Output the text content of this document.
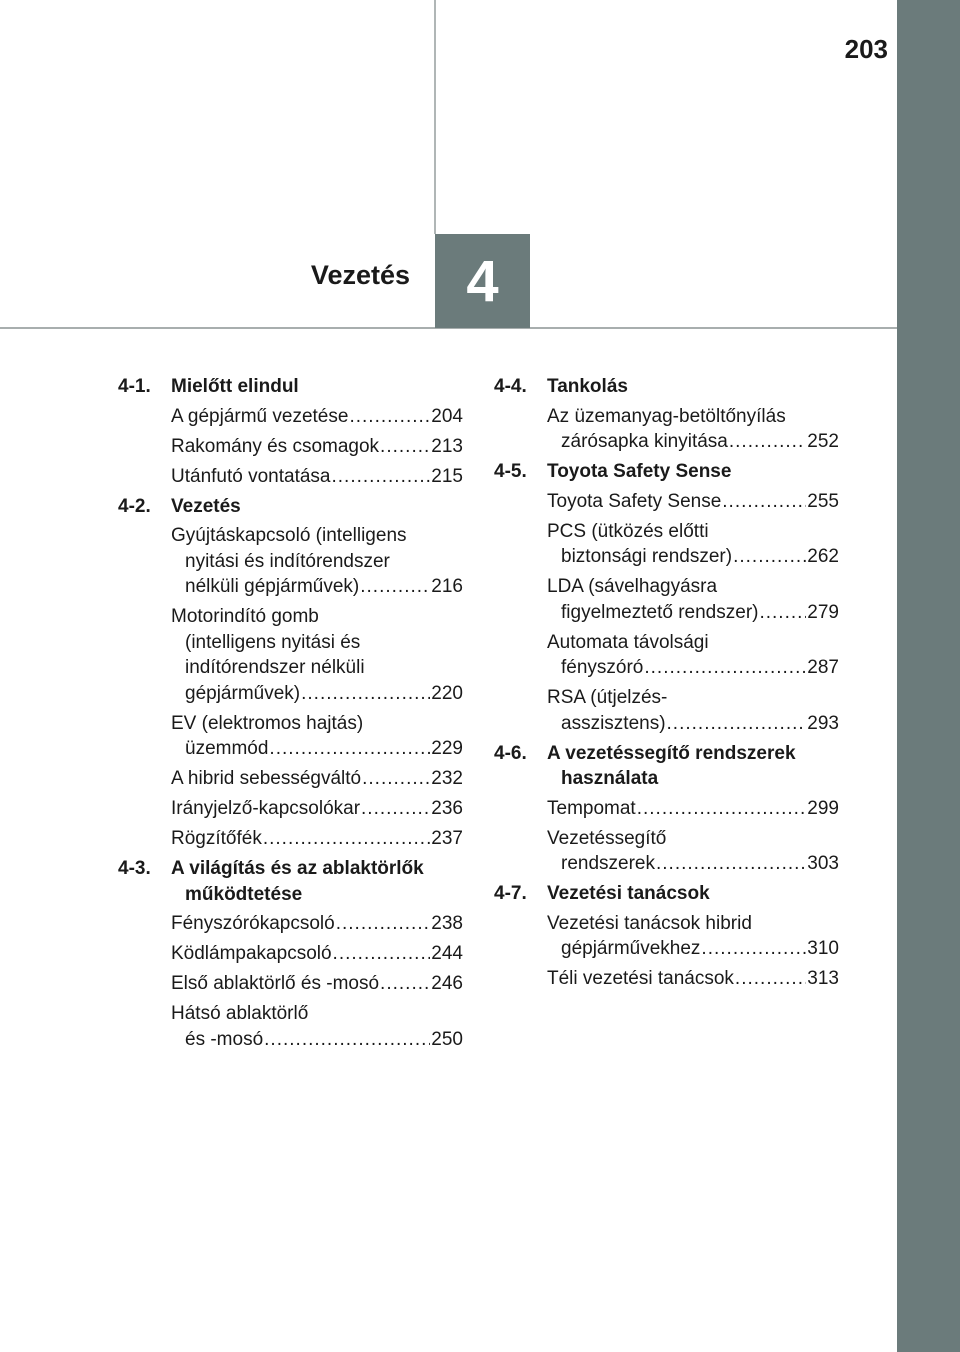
203
Vezetés 4
4-1.	Mielőtt elindul
A gépjármű vezetése .....	204
Rakomány és csomagok .....	213
Utánfutó vontatása .....	215
4-2.	Vezetés
Gyújtáskapcsoló (intelligens
nyitási és indítórendszer
nélküli gépjárművek) .....	216
Motorindító gomb
(intelligens nyitási és
indítórendszer nélküli
gépjárművek) .....	220
EV (elektromos hajtás)
üzemmód .....	229
A hibrid sebességváltó .....	232
Irányjelző-kapcsolókar .....	236
Rögzítőfék .....	237
4-3.	A világítás és az ablaktörlők
működtetése
Fényszórókapcsoló .....	238
Ködlámpakapcsoló .....	244
Első ablaktörlő és -mosó .....	246
Hátsó ablaktörlő
és -mosó .....	250
4-4.	Tankolás
Az üzemanyag-betöltőnyílás
zárósapka kinyitása .....	252
4-5.	Toyota Safety Sense
Toyota Safety Sense .....	255
PCS (ütközés előtti
biztonsági rendszer) .....	262
LDA (sávelhagyásra
figyelmeztető rendszer) .....	279
Automata távolsági
fényszóró .....	287
RSA (útjelzés-
asszisztens) .....	293
4-6.	A vezetéssegítő rendszerek
használata
Tempomat .....	299
Vezetéssegítő
rendszerek .....	303
4-7.	Vezetési tanácsok
Vezetési tanácsok hibrid
gépjárművekhez .....	310
Téli vezetési tanácsok .....	313
